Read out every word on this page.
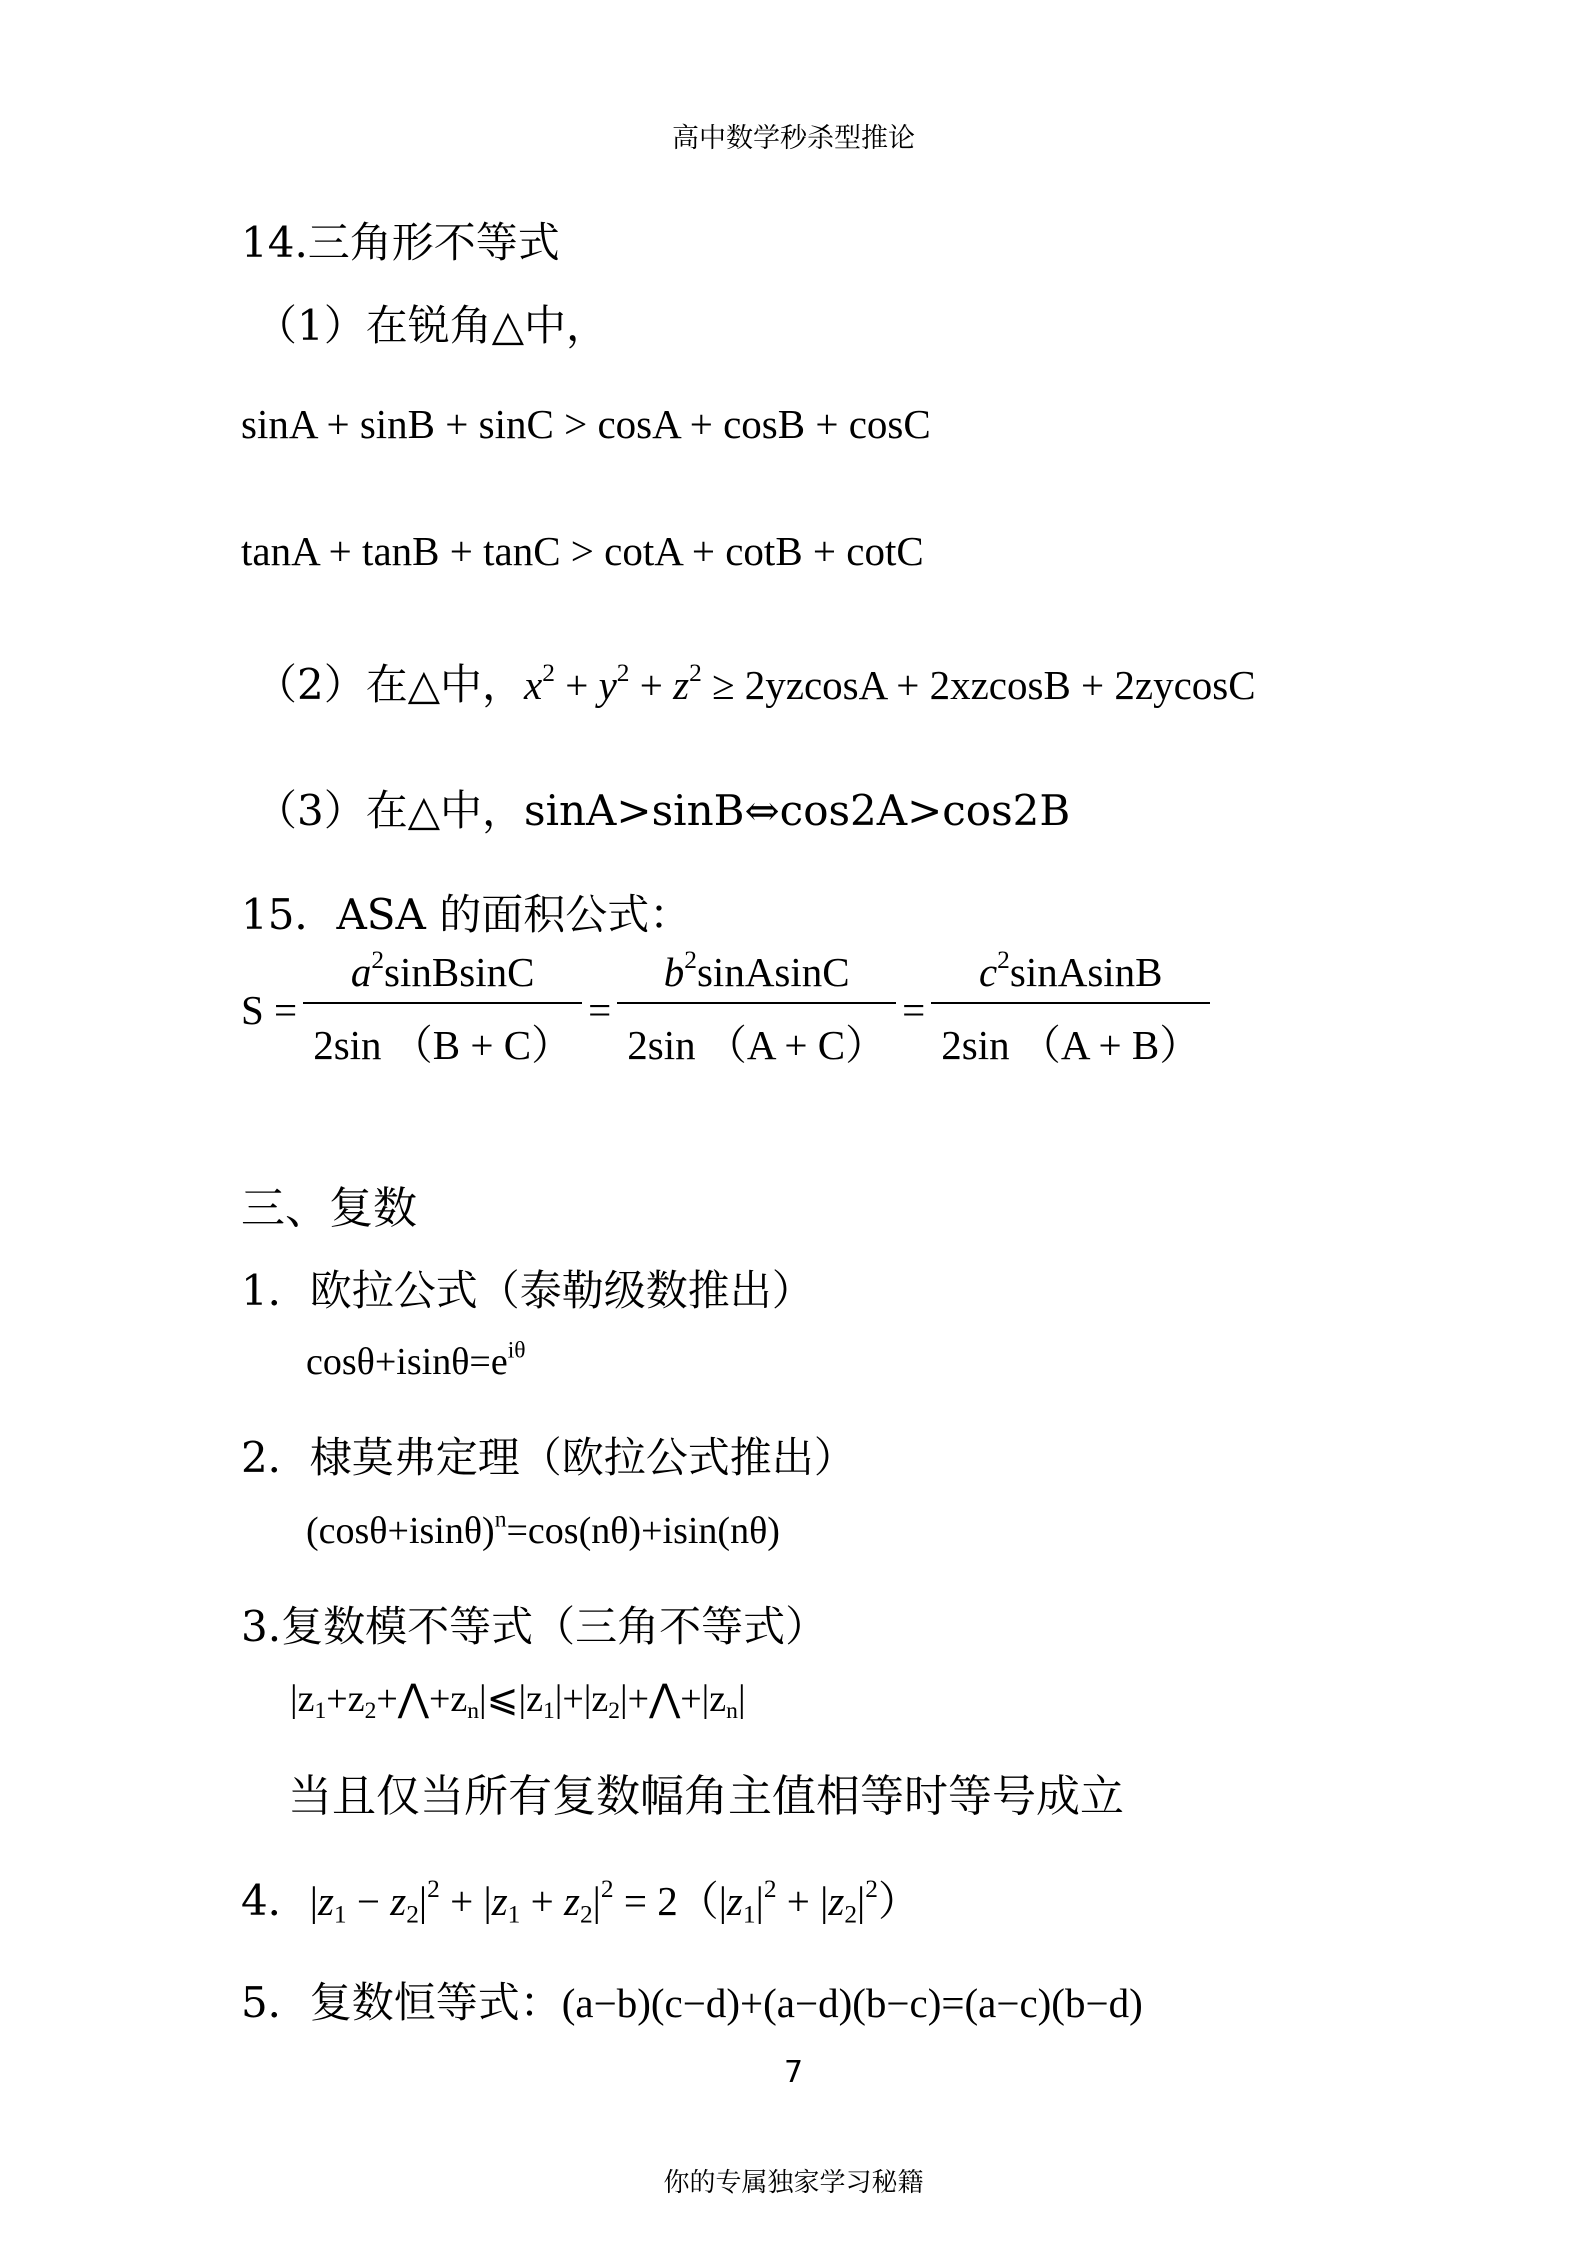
高中数学秒杀型推论
14.三角形不等式
（1）在锐角△中，
sinA + sinB + sinC > cosA + cosB + cosC
tanA + tanB + tanC > cotA + cotB + cotC
（2）在△中，$x^2 + y^2 + z^2 \ge 2yzcosA + 2xzcosB + 2zycosC$
（3）在△中，sinA>sinB⇔cos2A>cos2B
15．ASA 的面积公式：
$S = \frac{a^2sinBsinC}{2\sin (B + C)} = \frac{b^2sinAsinC}{2\sin (A + C)} = \frac{c^2sinAsinB}{2\sin (A + B)}$
三、复数
1．欧拉公式（泰勒级数推出）
$\cos\theta+isin\theta=e^{i\theta}$
2．棣莫弗定理（欧拉公式推出）
$(\cos\theta+isin\theta)^n=\cos(n\theta)+isin(n\theta)$
3.复数模不等式（三角不等式）
$|z_1+z_2+⋀+z_n|⩽|z_1|+|z_2|+⋀+|z_n|$
当且仅当所有复数幅角主值相等时等号成立
4．$|z_1 - z_2|^2 + |z_1 + z_2|^2 = 2(|z_1|^2 + |z_2|^2)$
5．复数恒等式：(a−b)(c−d)+(a−d)(b−c)=(a−c)(b−d)
7
你的专属独家学习秘籍
